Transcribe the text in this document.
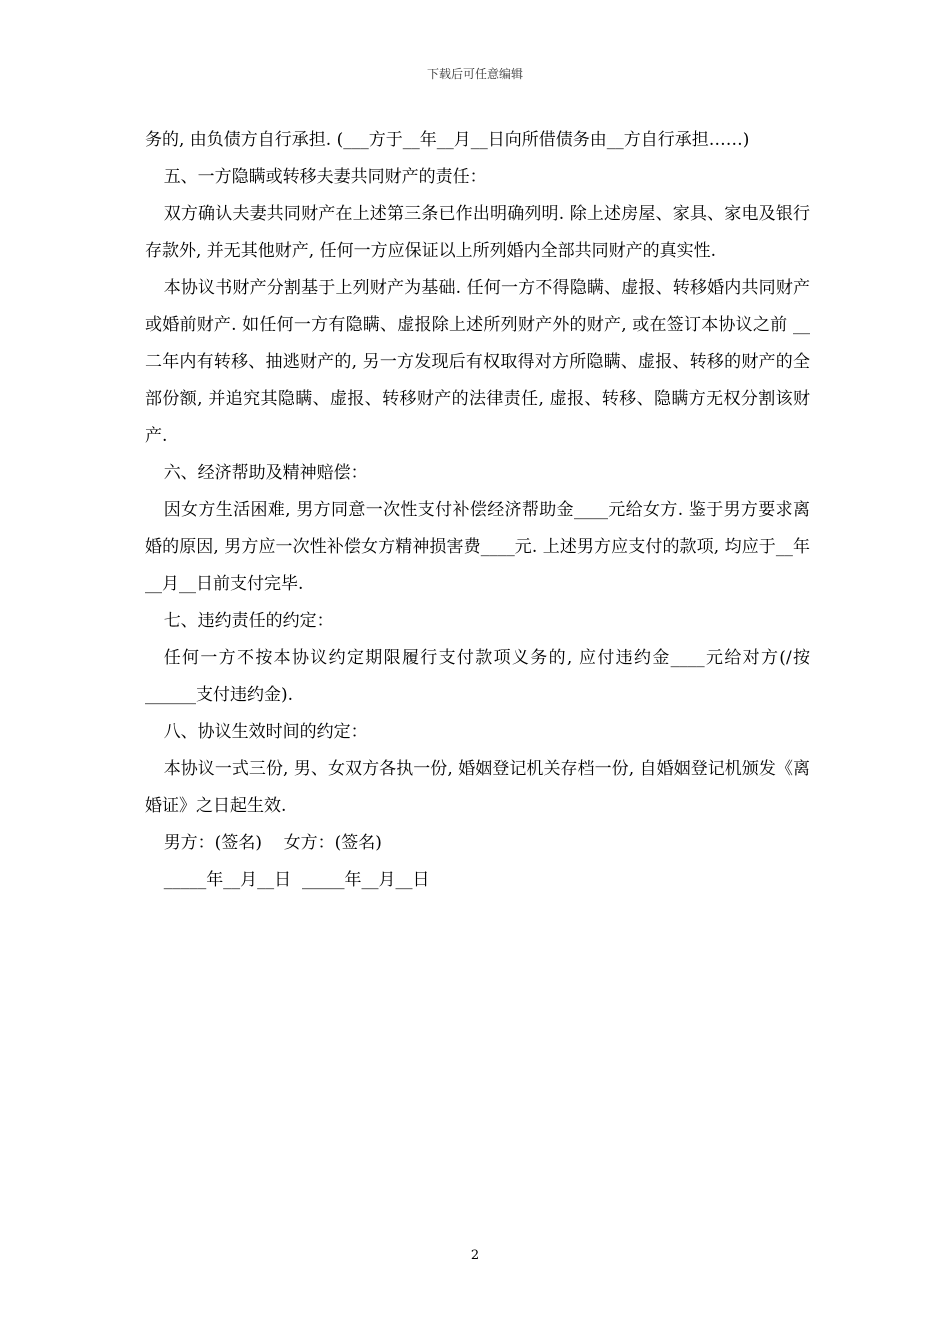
下载后可任意编辑

务的, 由负债方自行承担. (___方于__年__月__日向所借债务由__方自行承担……)

五、一方隐瞒或转移夫妻共同财产的责任：

双方确认夫妻共同财产在上述第三条已作出明确列明. 除上述房屋、家具、家电及银行存款外, 并无其他财产, 任何一方应保证以上所列婚内全部共同财产的真实性.

本协议书财产分割基于上列财产为基础. 任何一方不得隐瞒、虚报、转移婚内共同财产或婚前财产. 如任何一方有隐瞒、虚报除上述所列财产外的财产, 或在签订本协议之前 __二年内有转移、抽逃财产的, 另一方发现后有权取得对方所隐瞒、虚报、转移的财产的全部份额, 并追究其隐瞒、虚报、转移财产的法律责任, 虚报、转移、隐瞒方无权分割该财产.

六、经济帮助及精神赔偿：

因女方生活困难, 男方同意一次性支付补偿经济帮助金____元给女方. 鉴于男方要求离婚的原因, 男方应一次性补偿女方精神损害费____元. 上述男方应支付的款项, 均应于__年__月__日前支付完毕.

七、违约责任的约定：

任何一方不按本协议约定期限履行支付款项义务的, 应付违约金____元给对方(/按______支付违约金).

八、协议生效时间的约定：

本协议一式三份, 男、女双方各执一份, 婚姻登记机关存档一份, 自婚姻登记机颁发《离婚证》之日起生效.

男方：(签名)    女方：(签名)

_____年__月__日  _____年__月__日

2
